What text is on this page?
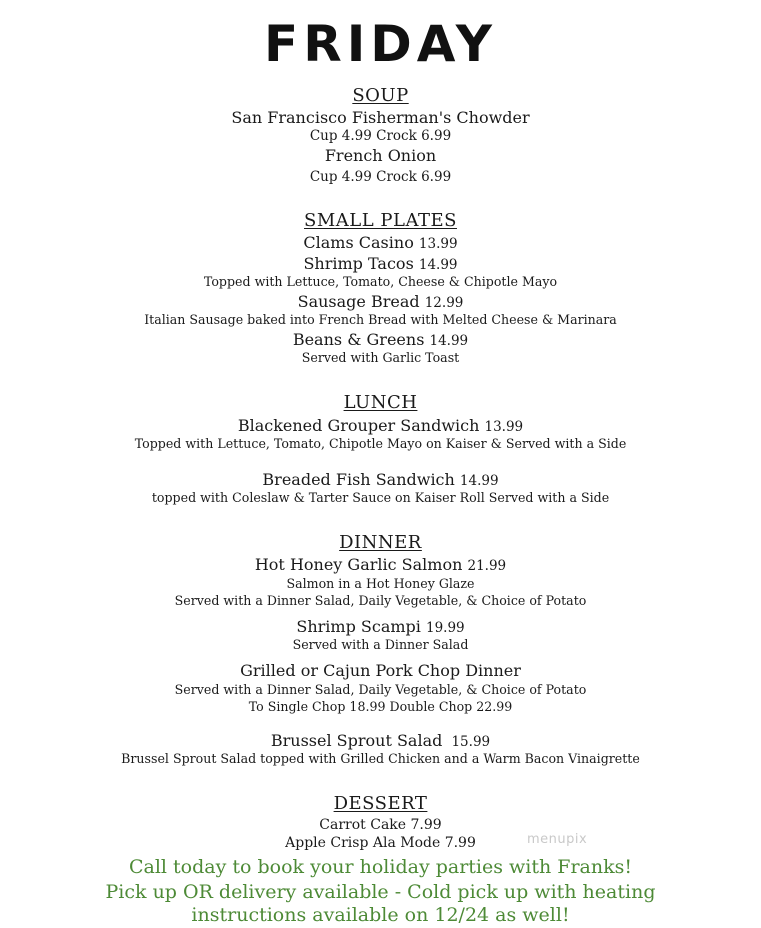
FRIDAY
SOUP
San Francisco Fisherman's Chowder
Cup 4.99 Crock 6.99
French Onion
Cup 4.99 Crock 6.99
SMALL PLATES
Clams Casino 13.99
Shrimp Tacos 14.99
Topped with Lettuce, Tomato, Cheese & Chipotle Mayo
Sausage Bread 12.99
Italian Sausage baked into French Bread with Melted Cheese & Marinara
Beans & Greens 14.99
Served with Garlic Toast
LUNCH
Blackened Grouper Sandwich 13.99
Topped with Lettuce, Tomato, Chipotle Mayo on Kaiser & Served with a Side
Breaded Fish Sandwich 14.99
topped with Coleslaw & Tarter Sauce on Kaiser Roll Served with a Side
DINNER
Hot Honey Garlic Salmon 21.99
Salmon in a Hot Honey Glaze
Served with a Dinner Salad, Daily Vegetable, & Choice of Potato
Shrimp Scampi 19.99
Served with a Dinner Salad
Grilled or Cajun Pork Chop Dinner
Served with a Dinner Salad, Daily Vegetable, & Choice of Potato
To Single Chop 18.99 Double Chop 22.99
Brussel Sprout Salad 15.99
Brussel Sprout Salad topped with Grilled Chicken and a Warm Bacon Vinaigrette
DESSERT
Carrot Cake 7.99
Apple Crisp Ala Mode 7.99	menupix
Call today to book your holiday parties with Franks!
Pick up OR delivery available - Cold pick up with heating
instructions available on 12/24 as well!
